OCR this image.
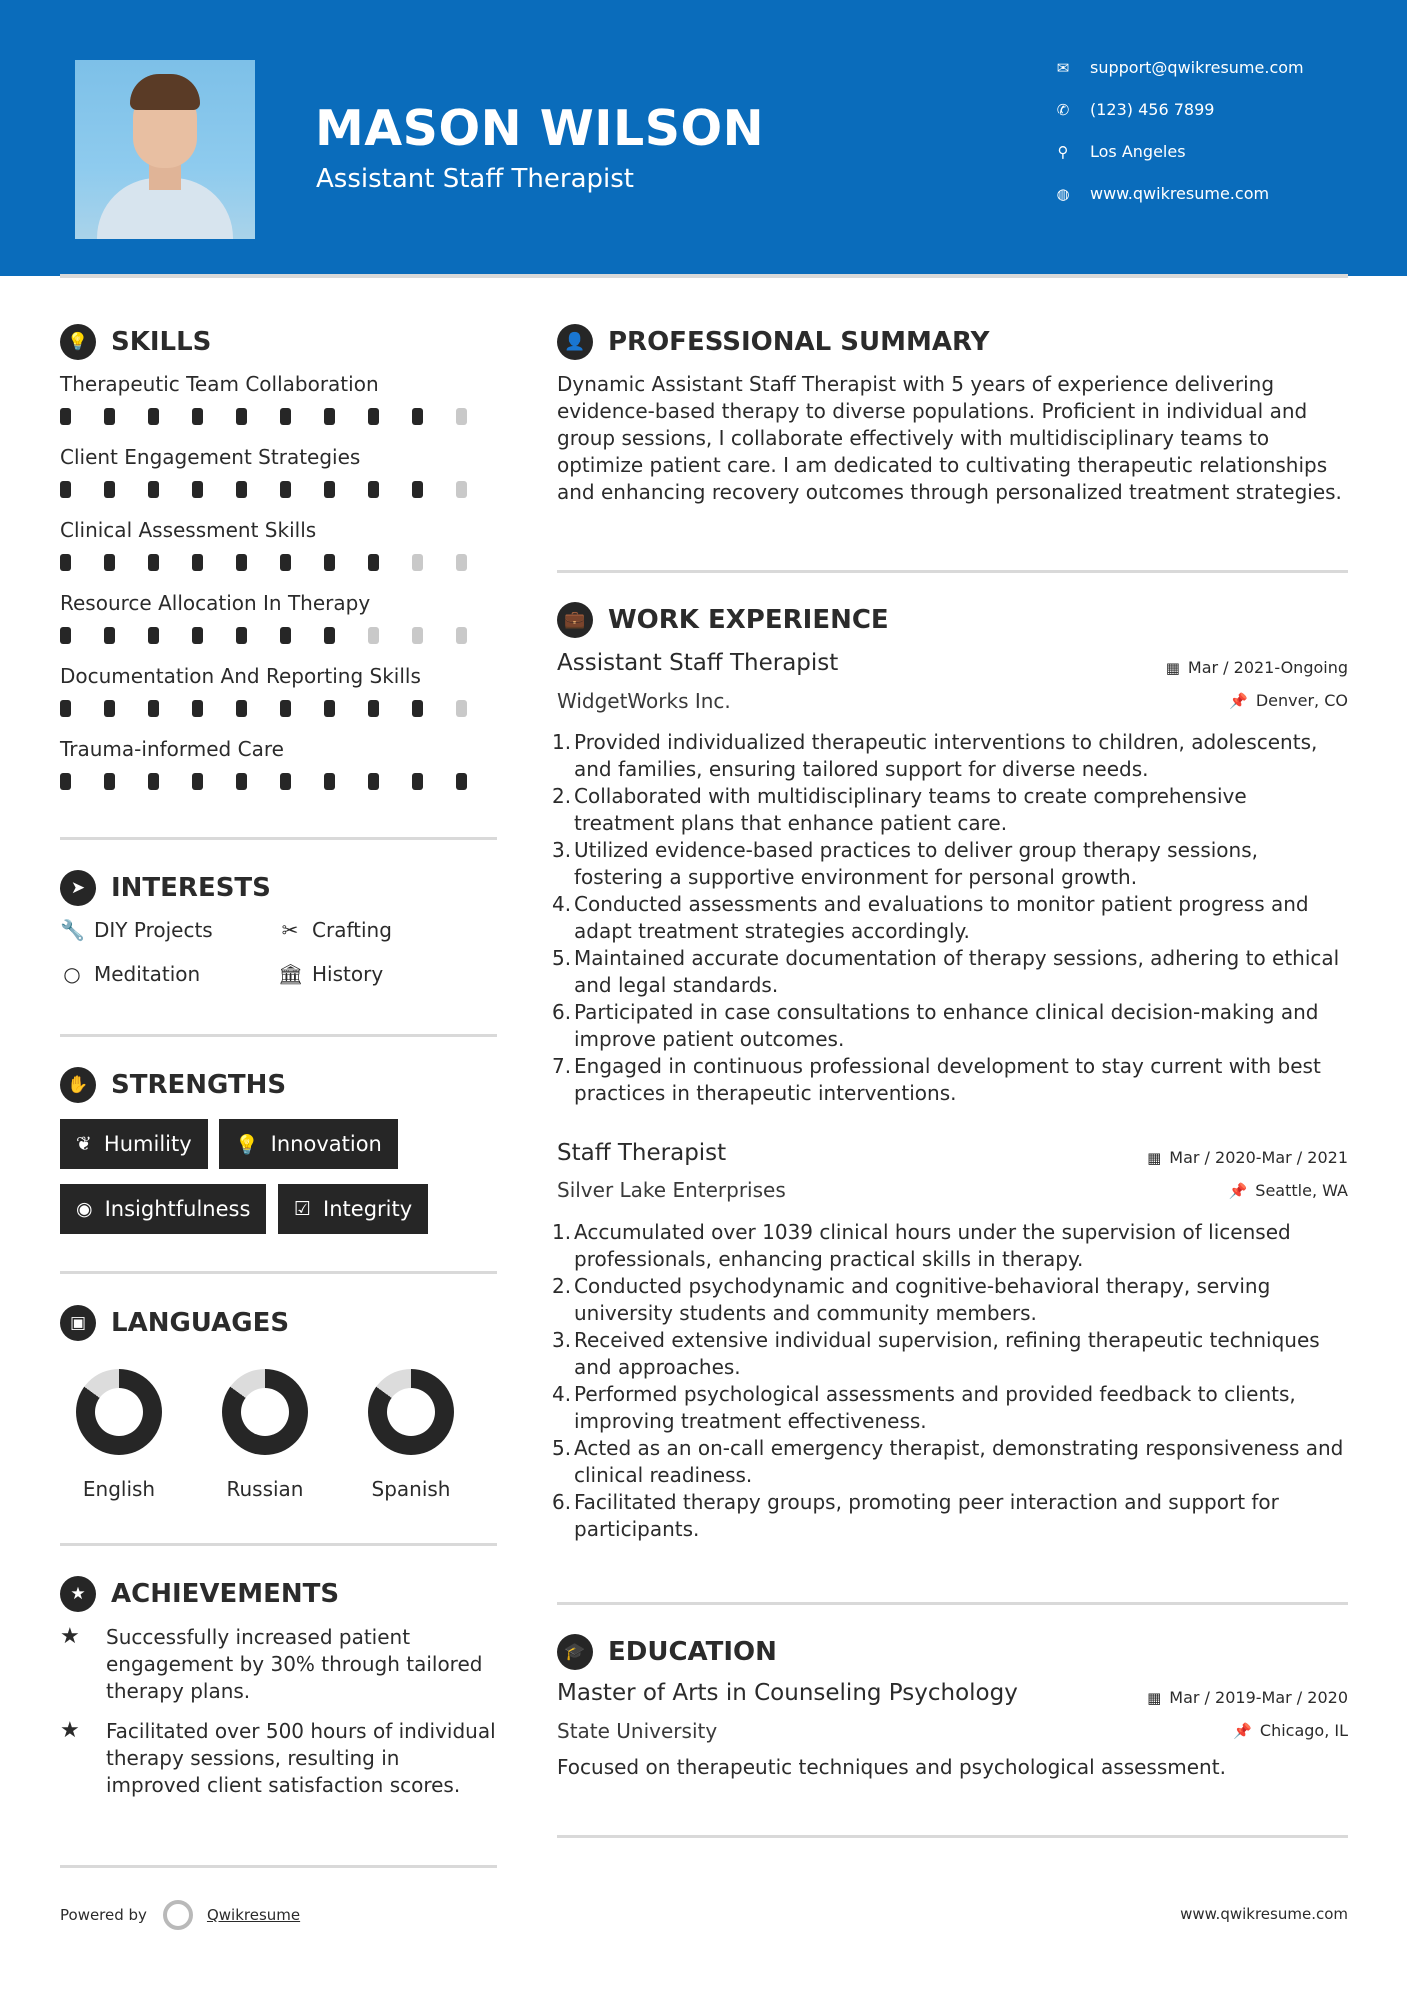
MASON WILSON
Assistant Staff Therapist
✉ support@qwikresume.com
✆ (123) 456 7899
⚲ Los Angeles
◍ www.qwikresume.com
💡 SKILLS
Therapeutic Team Collaboration
Client Engagement Strategies
Clinical Assessment Skills
Resource Allocation In Therapy
Documentation And Reporting Skills
Trauma-informed Care
➤ INTERESTS
🔧 DIY Projects	✂ Crafting
○ Meditation	🏛 History
✋ STRENGTHS
❦ Humility 💡 Innovation
◉ Insightfulness ☑ Integrity
▣ LANGUAGES
English	Russian	Spanish
★ ACHIEVEMENTS
★	Successfully increased patient engagement by 30% through tailored therapy plans.
★	Facilitated over 500 hours of individual therapy sessions, resulting in improved client satisfaction scores.
👤 PROFESSIONAL SUMMARY
Dynamic Assistant Staff Therapist with 5 years of experience delivering evidence-based therapy to diverse populations. Proficient in individual and group sessions, I collaborate effectively with multidisciplinary teams to optimize patient care. I am dedicated to cultivating therapeutic relationships and enhancing recovery outcomes through personalized treatment strategies.
💼 WORK EXPERIENCE
Assistant Staff Therapist	▦ Mar / 2021-Ongoing
WidgetWorks Inc.	📌 Denver, CO
1. Provided individualized therapeutic interventions to children, adolescents, and families, ensuring tailored support for diverse needs.
2. Collaborated with multidisciplinary teams to create comprehensive treatment plans that enhance patient care.
3. Utilized evidence-based practices to deliver group therapy sessions, fostering a supportive environment for personal growth.
4. Conducted assessments and evaluations to monitor patient progress and adapt treatment strategies accordingly.
5. Maintained accurate documentation of therapy sessions, adhering to ethical and legal standards.
6. Participated in case consultations to enhance clinical decision-making and improve patient outcomes.
7. Engaged in continuous professional development to stay current with best practices in therapeutic interventions.
Staff Therapist	▦ Mar / 2020-Mar / 2021
Silver Lake Enterprises	📌 Seattle, WA
1. Accumulated over 1039 clinical hours under the supervision of licensed professionals, enhancing practical skills in therapy.
2. Conducted psychodynamic and cognitive-behavioral therapy, serving university students and community members.
3. Received extensive individual supervision, refining therapeutic techniques and approaches.
4. Performed psychological assessments and provided feedback to clients, improving treatment effectiveness.
5. Acted as an on-call emergency therapist, demonstrating responsiveness and clinical readiness.
6. Facilitated therapy groups, promoting peer interaction and support for participants.
🎓 EDUCATION
Master of Arts in Counseling Psychology	▦ Mar / 2019-Mar / 2020
State University	📌 Chicago, IL
Focused on therapeutic techniques and psychological assessment.
Powered by	Qwikresume	www.qwikresume.com
